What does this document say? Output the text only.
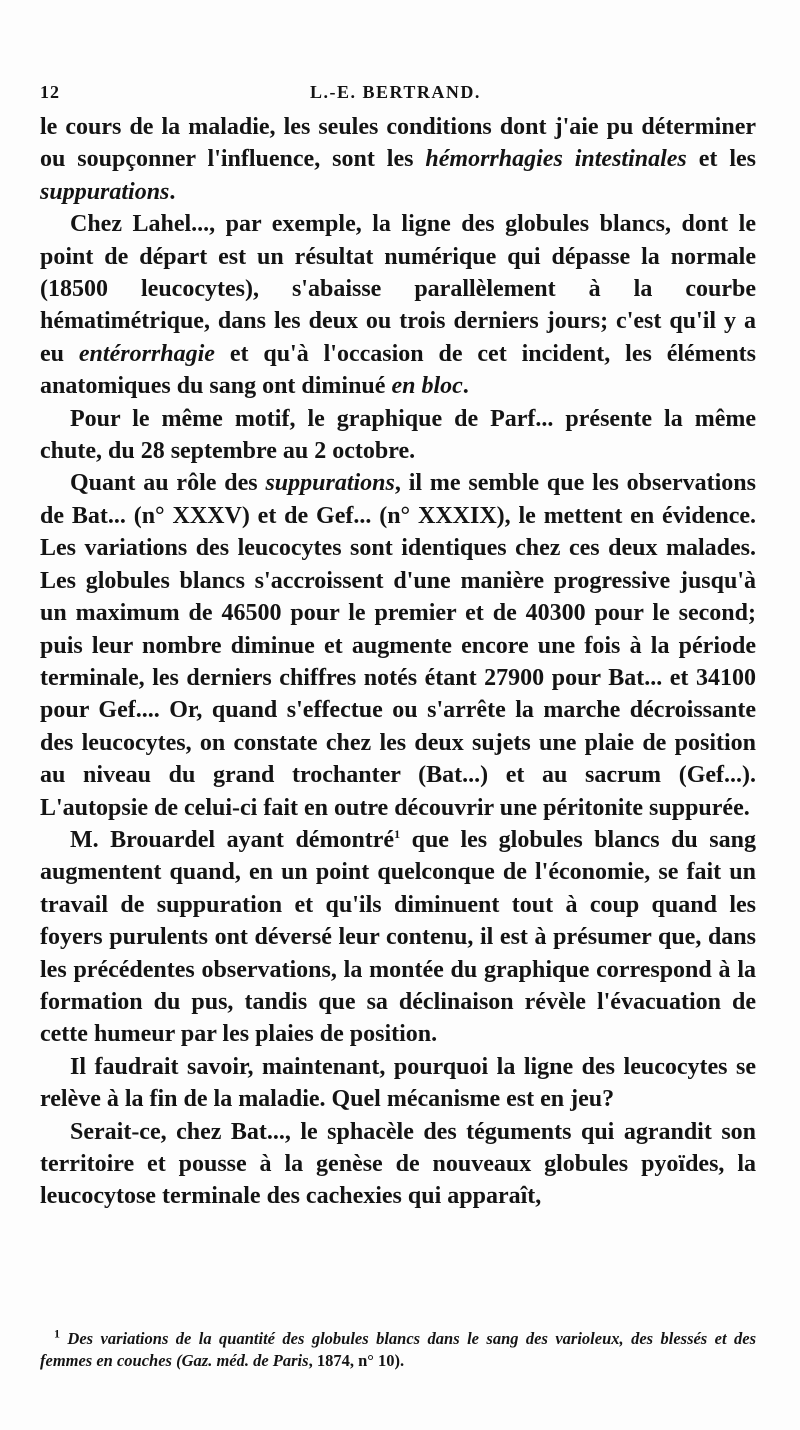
12	L.-E. BERTRAND.

le cours de la maladie, les seules conditions dont j'aie pu déterminer ou soupçonner l'influence, sont les hémorrhagies intestinales et les suppurations.

Chez Lahel..., par exemple, la ligne des globules blancs, dont le point de départ est un résultat numérique qui dépasse la normale (18500 leucocytes), s'abaisse parallèlement à la courbe hématimétrique, dans les deux ou trois derniers jours; c'est qu'il y a eu entérorrhagie et qu'à l'occasion de cet incident, les éléments anatomiques du sang ont diminué en bloc.

Pour le même motif, le graphique de Parf... présente la même chute, du 28 septembre au 2 octobre.

Quant au rôle des suppurations, il me semble que les observations de Bat... (n° XXXV) et de Gef... (n° XXXIX), le mettent en évidence. Les variations des leucocytes sont identiques chez ces deux malades. Les globules blancs s'accroissent d'une manière progressive jusqu'à un maximum de 46500 pour le premier et de 40300 pour le second; puis leur nombre diminue et augmente encore une fois à la période terminale, les derniers chiffres notés étant 27900 pour Bat... et 34100 pour Gef.... Or, quand s'effectue ou s'arrête la marche décroissante des leucocytes, on constate chez les deux sujets une plaie de position au niveau du grand trochanter (Bat...) et au sacrum (Gef...). L'autopsie de celui-ci fait en outre découvrir une péritonite suppurée.

M. Brouardel ayant démontré$^1$ que les globules blancs du sang augmentent quand, en un point quelconque de l'économie, se fait un travail de suppuration et qu'ils diminuent tout à coup quand les foyers purulents ont déversé leur contenu, il est à présumer que, dans les précédentes observations, la montée du graphique correspond à la formation du pus, tandis que sa déclinaison révèle l'évacuation de cette humeur par les plaies de position.

Il faudrait savoir, maintenant, pourquoi la ligne des leucocytes se relève à la fin de la maladie. Quel mécanisme est en jeu?

Serait-ce, chez Bat..., le sphacèle des téguments qui agrandit son territoire et pousse à la genèse de nouveaux globules pyoïdes, la leucocytose terminale des cachexies qui apparaît,

$^1$ Des variations de la quantité des globules blancs dans le sang des varioleux, des blessés et des femmes en couches (Gaz. méd. de Paris, 1874, n° 10).
